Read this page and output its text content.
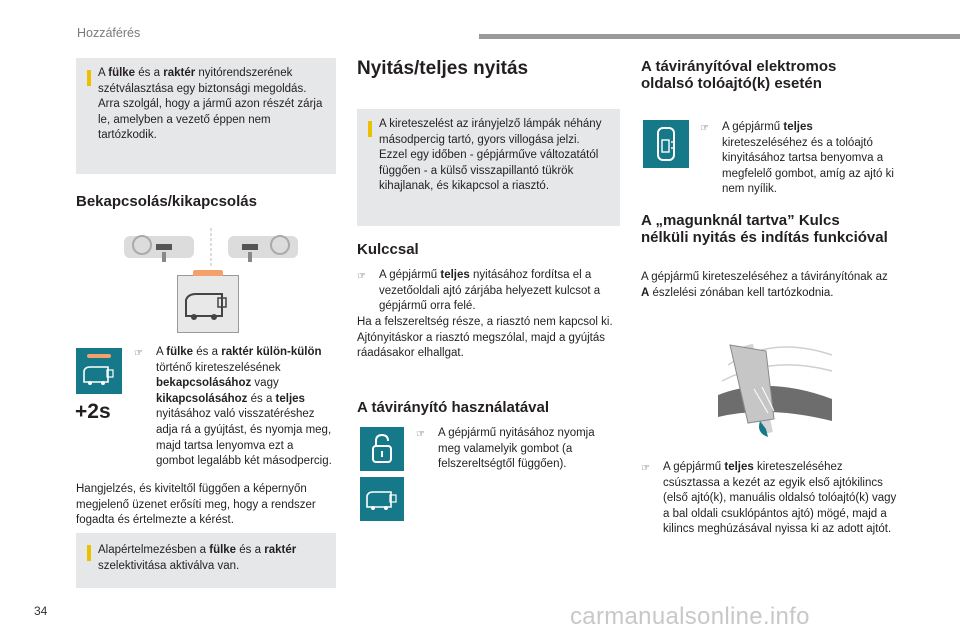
Hozzáférés

A fülke és a raktér nyitórendszerének szétválasztása egy biztonsági megoldás. Arra szolgál, hogy a jármű azon részét zárja le, amelyben a vezető éppen nem tartózkodik.

Bekapcsolás/kikapcsolás
+2s
☞	A fülke és a raktér külön-külön történő kireteszelésének bekapcsolásához vagy kikapcsolásához és a teljes nyitásához való visszatéréshez adja rá a gyújtást, és nyomja meg, majd tartsa lenyomva ezt a gombot legalább két másodpercig.

Hangjelzés, és kiviteltől függően a képernyőn megjelenő üzenet erősíti meg, hogy a rendszer fogadta és értelmezte a kérést.

Alapértelmezésben a fülke és a raktér szelektivitása aktiválva van.

Nyitás/teljes nyitás

A kireteszelést az irányjelző lámpák néhány másodpercig tartó, gyors villogása jelzi.
Ezzel egy időben - gépjárműve változatától függően - a külső visszapillantó tükrök kihajlanak, és kikapcsol a riasztó.

Kulccsal
☞	A gépjármű teljes nyitásához fordítsa el a vezetőoldali ajtó zárjába helyezett kulcsot a gépjármű orra felé.

Ha a felszereltség része, a riasztó nem kapcsol ki. Ajtónyitáskor a riasztó megszólal, majd a gyújtás ráadásakor elhallgat.

A távirányító használatával
☞	A gépjármű nyitásához nyomja meg valamelyik gombot (a felszereltségtől függően).

A távirányítóval elektromos oldalsó tolóajtó(k) esetén
☞	A gépjármű teljes kireteszeléséhez és a tolóajtó kinyitásához tartsa benyomva a megfelelő gombot, amíg az ajtó ki nem nyílik.

A „magunknál tartva” Kulcs nélküli nyitás és indítás funkcióval

A gépjármű kireteszeléséhez a távirányítónak az A észlelési zónában kell tartózkodnia.

☞	A gépjármű teljes kireteszeléséhez csúsztassa a kezét az egyik első ajtókilincs (első ajtó(k), manuális oldalsó tolóajtó(k) vagy a bal oldali csuklópántos ajtó) mögé, majd a kilincs meghúzásával nyissa ki az adott ajtót.

34	carmanualsonline.info
